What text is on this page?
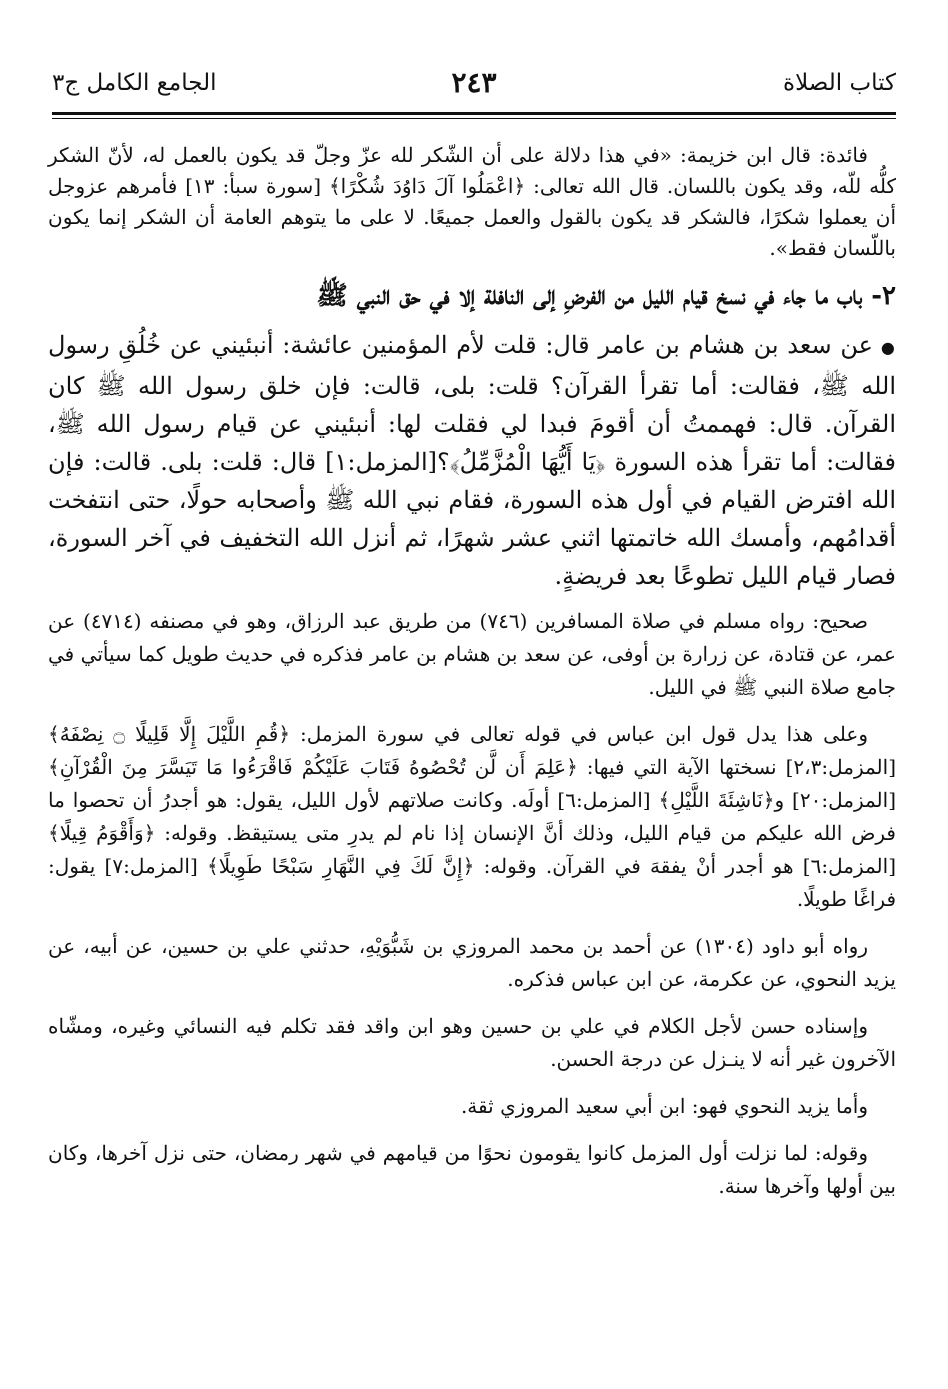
كتاب الصلاة
٢٤٣
الجامع الكامل ج٣

فائدة: قال ابن خزيمة: «في هذا دلالة على أن الشّكر لله عزّ وجلّ قد يكون بالعمل له، لأنّ الشكر كلُّه للّه، وقد يكون باللسان. قال الله تعالى: ﴿اعْمَلُوا آلَ دَاوُدَ شُكْرًا﴾ [سورة سبأ: ١٣] فأمرهم عزوجل أن يعملوا شكرًا، فالشكر قد يكون بالقول والعمل جميعًا. لا على ما يتوهم العامة أن الشكر إنما يكون باللّسان فقط».

٢- باب ما جاء في نسخ قيام الليل من الفرضِ إلى النافلة إلا في حق النبي ﷺ

●عن سعد بن هشام بن عامر قال: قلت لأم المؤمنين عائشة: أنبئيني عن خُلُقِ رسول الله ﷺ، فقالت: أما تقرأ القرآن؟ قلت: بلى، قالت: فإن خلق رسول الله ﷺ كان القرآن. قال: فهممتُ أن أقومَ فبدا لي فقلت لها: أنبئيني عن قيام رسول الله ﷺ، فقالت: أما تقرأ هذه السورة ﴿يَا أَيُّهَا الْمُزَّمِّلُ﴾؟[المزمل:١] قال: قلت: بلى. قالت: فإن الله افترض القيام في أول هذه السورة، فقام نبي الله ﷺ وأصحابه حولًا، حتى انتفخت أقدامُهم، وأمسك الله خاتمتها اثني عشر شهرًا، ثم أنزل الله التخفيف في آخر السورة، فصار قيام الليل تطوعًا بعد فريضةٍ.

صحيح: رواه مسلم في صلاة المسافرين (٧٤٦) من طريق عبد الرزاق، وهو في مصنفه (٤٧١٤) عن عمر، عن قتادة، عن زرارة بن أوفى، عن سعد بن هشام بن عامر فذكره في حديث طويل كما سيأتي في جامع صلاة النبي ﷺ في الليل.

وعلى هذا يدل قول ابن عباس في قوله تعالى في سورة المزمل: ﴿قُمِ اللَّيْلَ إِلَّا قَلِيلًا ۝ نِصْفَهُ﴾ [المزمل:٢،٣] نسختها الآية التي فيها: ﴿عَلِمَ أَن لَّن تُحْصُوهُ فَتَابَ عَلَيْكُمْ فَاقْرَءُوا مَا تَيَسَّرَ مِنَ الْقُرْآنِ﴾ [المزمل:٢٠] و﴿نَاشِئَةَ اللَّيْلِ﴾ [المزمل:٦] أولَه. وكانت صلاتهم لأول الليل، يقول: هو أجدرُ أن تحصوا ما فرض الله عليكم من قيام الليل، وذلك أنَّ الإنسان إذا نام لم يدرِ متى يستيقظ. وقوله: ﴿وَأَقْوَمُ قِيلًا﴾ [المزمل:٦] هو أجدر أنْ يفقهَ في القرآن. وقوله: ﴿إِنَّ لَكَ فِي النَّهَارِ سَبْحًا طَوِيلًا﴾ [المزمل:٧] يقول: فراغًا طويلًا.

رواه أبو داود (١٣٠٤) عن أحمد بن محمد المروزي بن شَبُّوَيْهِ، حدثني علي بن حسين، عن أبيه، عن يزيد النحوي، عن عكرمة، عن ابن عباس فذكره.

وإسناده حسن لأجل الكلام في علي بن حسين وهو ابن واقد فقد تكلم فيه النسائي وغيره، ومشّاه الآخرون غير أنه لا ينـزل عن درجة الحسن.

وأما يزيد النحوي فهو: ابن أبي سعيد المروزي ثقة.

وقوله: لما نزلت أول المزمل كانوا يقومون نحوًا من قيامهم في شهر رمضان، حتى نزل آخرها، وكان بين أولها وآخرها سنة.
